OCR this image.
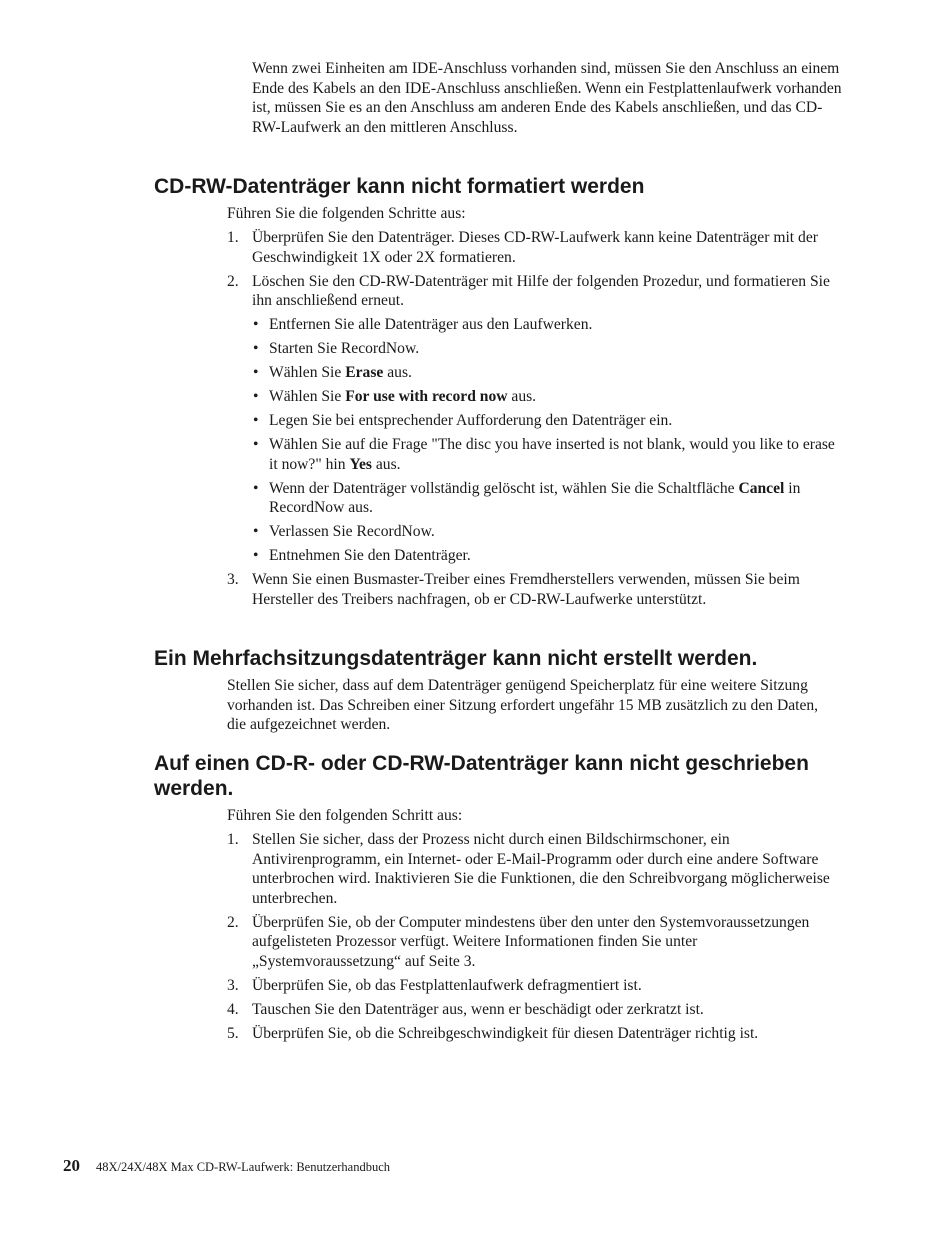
Wenn zwei Einheiten am IDE-Anschluss vorhanden sind, müssen Sie den Anschluss an einem Ende des Kabels an den IDE-Anschluss anschließen. Wenn ein Festplattenlaufwerk vorhanden ist, müssen Sie es an den Anschluss am anderen Ende des Kabels anschließen, und das CD-RW-Laufwerk an den mittleren Anschluss.

CD-RW-Datenträger kann nicht formatiert werden

Führen Sie die folgenden Schritte aus:

1. Überprüfen Sie den Datenträger. Dieses CD-RW-Laufwerk kann keine Datenträger mit der Geschwindigkeit 1X oder 2X formatieren.
2. Löschen Sie den CD-RW-Datenträger mit Hilfe der folgenden Prozedur, und formatieren Sie ihn anschließend erneut.
• Entfernen Sie alle Datenträger aus den Laufwerken.
• Starten Sie RecordNow.
• Wählen Sie Erase aus.
• Wählen Sie For use with record now aus.
• Legen Sie bei entsprechender Aufforderung den Datenträger ein.
• Wählen Sie auf die Frage "The disc you have inserted is not blank, would you like to erase it now?" hin Yes aus.
• Wenn der Datenträger vollständig gelöscht ist, wählen Sie die Schaltfläche Cancel in RecordNow aus.
• Verlassen Sie RecordNow.
• Entnehmen Sie den Datenträger.
3. Wenn Sie einen Busmaster-Treiber eines Fremdherstellers verwenden, müssen Sie beim Hersteller des Treibers nachfragen, ob er CD-RW-Laufwerke unterstützt.
Ein Mehrfachsitzungsdatenträger kann nicht erstellt werden.

Stellen Sie sicher, dass auf dem Datenträger genügend Speicherplatz für eine weitere Sitzung vorhanden ist. Das Schreiben einer Sitzung erfordert ungefähr 15 MB zusätzlich zu den Daten, die aufgezeichnet werden.

Auf einen CD-R- oder CD-RW-Datenträger kann nicht geschrieben werden.

Führen Sie den folgenden Schritt aus:

1. Stellen Sie sicher, dass der Prozess nicht durch einen Bildschirmschoner, ein Antivirenprogramm, ein Internet- oder E-Mail-Programm oder durch eine andere Software unterbrochen wird. Inaktivieren Sie die Funktionen, die den Schreibvorgang möglicherweise unterbrechen.
2. Überprüfen Sie, ob der Computer mindestens über den unter den Systemvoraussetzungen aufgelisteten Prozessor verfügt. Weitere Informationen finden Sie unter „Systemvoraussetzung“ auf Seite 3.
3. Überprüfen Sie, ob das Festplattenlaufwerk defragmentiert ist.
4. Tauschen Sie den Datenträger aus, wenn er beschädigt oder zerkratzt ist.
5. Überprüfen Sie, ob die Schreibgeschwindigkeit für diesen Datenträger richtig ist.
20 48X/24X/48X Max CD-RW-Laufwerk: Benutzerhandbuch
